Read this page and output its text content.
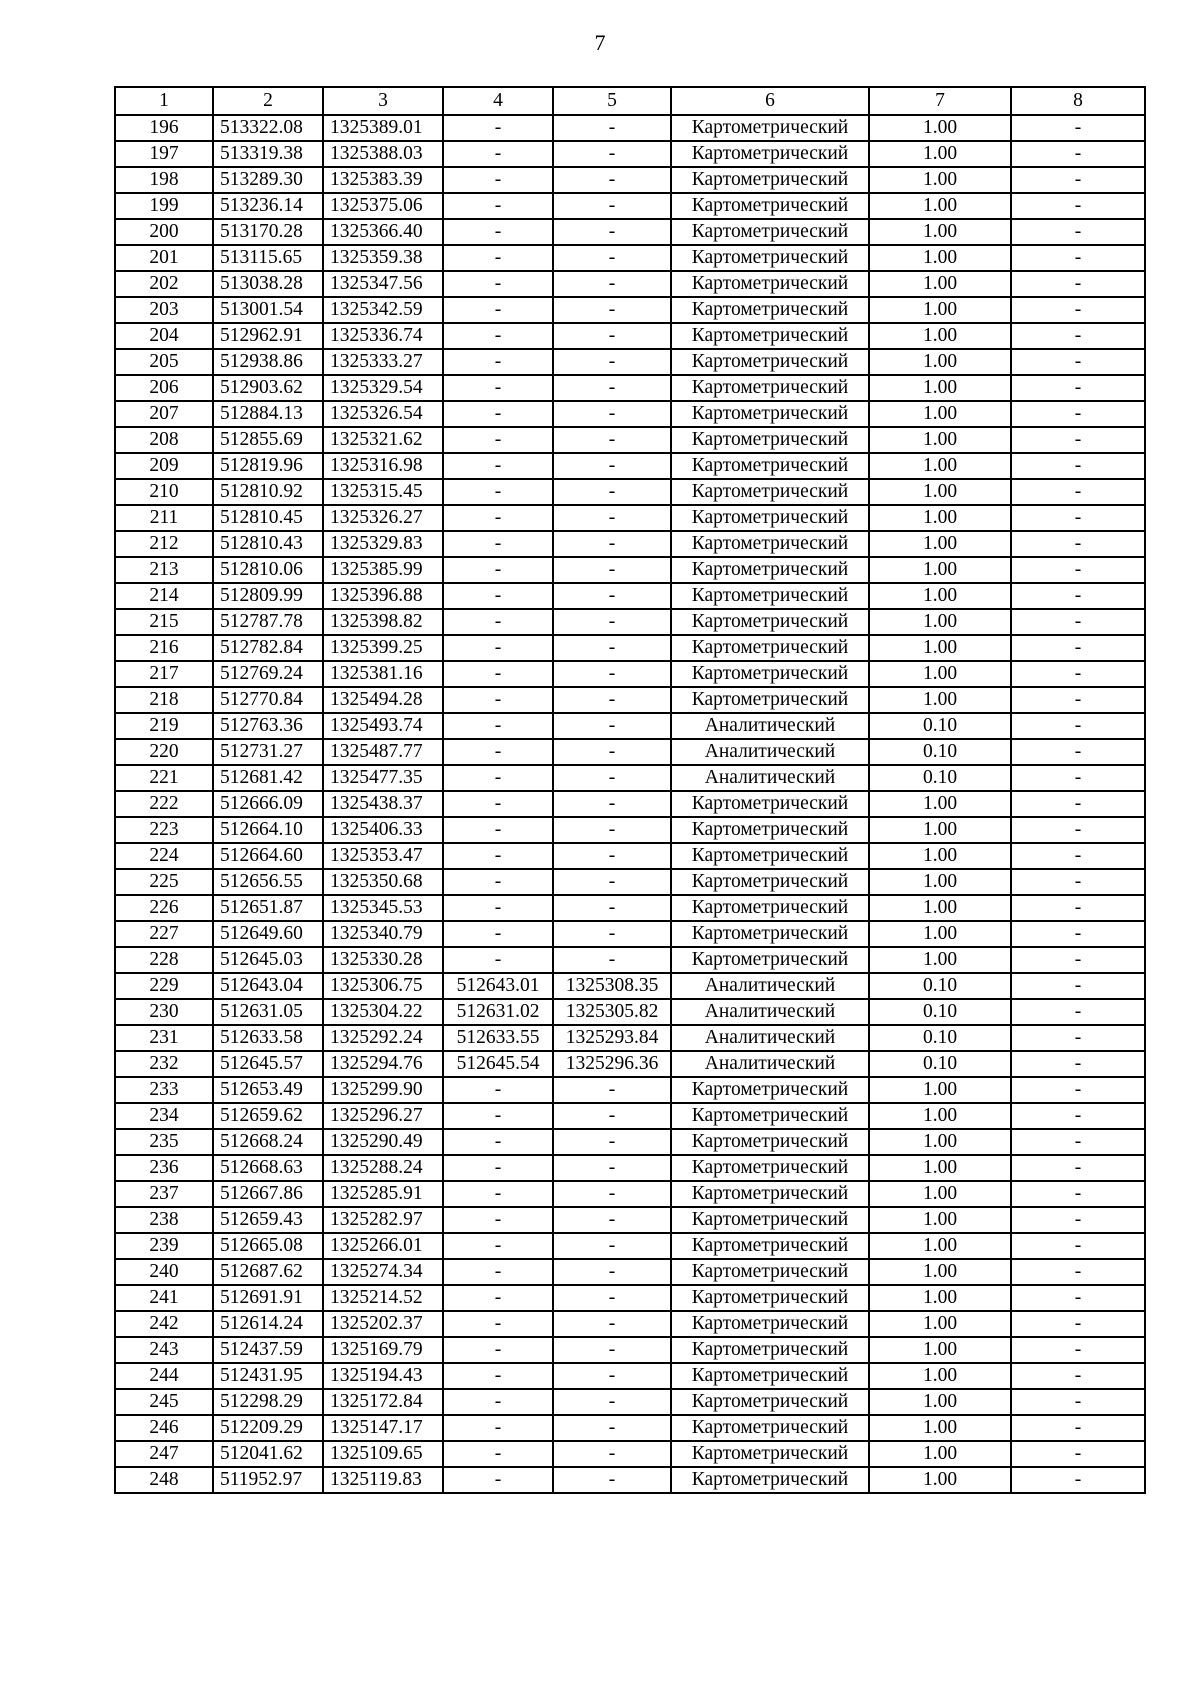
7
1	2	3	4	5	6	7	8
196	513322.08	1325389.01	-	-	Картометрический	1.00	-
197	513319.38	1325388.03	-	-	Картометрический	1.00	-
198	513289.30	1325383.39	-	-	Картометрический	1.00	-
199	513236.14	1325375.06	-	-	Картометрический	1.00	-
200	513170.28	1325366.40	-	-	Картометрический	1.00	-
201	513115.65	1325359.38	-	-	Картометрический	1.00	-
202	513038.28	1325347.56	-	-	Картометрический	1.00	-
203	513001.54	1325342.59	-	-	Картометрический	1.00	-
204	512962.91	1325336.74	-	-	Картометрический	1.00	-
205	512938.86	1325333.27	-	-	Картометрический	1.00	-
206	512903.62	1325329.54	-	-	Картометрический	1.00	-
207	512884.13	1325326.54	-	-	Картометрический	1.00	-
208	512855.69	1325321.62	-	-	Картометрический	1.00	-
209	512819.96	1325316.98	-	-	Картометрический	1.00	-
210	512810.92	1325315.45	-	-	Картометрический	1.00	-
211	512810.45	1325326.27	-	-	Картометрический	1.00	-
212	512810.43	1325329.83	-	-	Картометрический	1.00	-
213	512810.06	1325385.99	-	-	Картометрический	1.00	-
214	512809.99	1325396.88	-	-	Картометрический	1.00	-
215	512787.78	1325398.82	-	-	Картометрический	1.00	-
216	512782.84	1325399.25	-	-	Картометрический	1.00	-
217	512769.24	1325381.16	-	-	Картометрический	1.00	-
218	512770.84	1325494.28	-	-	Картометрический	1.00	-
219	512763.36	1325493.74	-	-	Аналитический	0.10	-
220	512731.27	1325487.77	-	-	Аналитический	0.10	-
221	512681.42	1325477.35	-	-	Аналитический	0.10	-
222	512666.09	1325438.37	-	-	Картометрический	1.00	-
223	512664.10	1325406.33	-	-	Картометрический	1.00	-
224	512664.60	1325353.47	-	-	Картометрический	1.00	-
225	512656.55	1325350.68	-	-	Картометрический	1.00	-
226	512651.87	1325345.53	-	-	Картометрический	1.00	-
227	512649.60	1325340.79	-	-	Картометрический	1.00	-
228	512645.03	1325330.28	-	-	Картометрический	1.00	-
229	512643.04	1325306.75	512643.01	1325308.35	Аналитический	0.10	-
230	512631.05	1325304.22	512631.02	1325305.82	Аналитический	0.10	-
231	512633.58	1325292.24	512633.55	1325293.84	Аналитический	0.10	-
232	512645.57	1325294.76	512645.54	1325296.36	Аналитический	0.10	-
233	512653.49	1325299.90	-	-	Картометрический	1.00	-
234	512659.62	1325296.27	-	-	Картометрический	1.00	-
235	512668.24	1325290.49	-	-	Картометрический	1.00	-
236	512668.63	1325288.24	-	-	Картометрический	1.00	-
237	512667.86	1325285.91	-	-	Картометрический	1.00	-
238	512659.43	1325282.97	-	-	Картометрический	1.00	-
239	512665.08	1325266.01	-	-	Картометрический	1.00	-
240	512687.62	1325274.34	-	-	Картометрический	1.00	-
241	512691.91	1325214.52	-	-	Картометрический	1.00	-
242	512614.24	1325202.37	-	-	Картометрический	1.00	-
243	512437.59	1325169.79	-	-	Картометрический	1.00	-
244	512431.95	1325194.43	-	-	Картометрический	1.00	-
245	512298.29	1325172.84	-	-	Картометрический	1.00	-
246	512209.29	1325147.17	-	-	Картометрический	1.00	-
247	512041.62	1325109.65	-	-	Картометрический	1.00	-
248	511952.97	1325119.83	-	-	Картометрический	1.00	-
